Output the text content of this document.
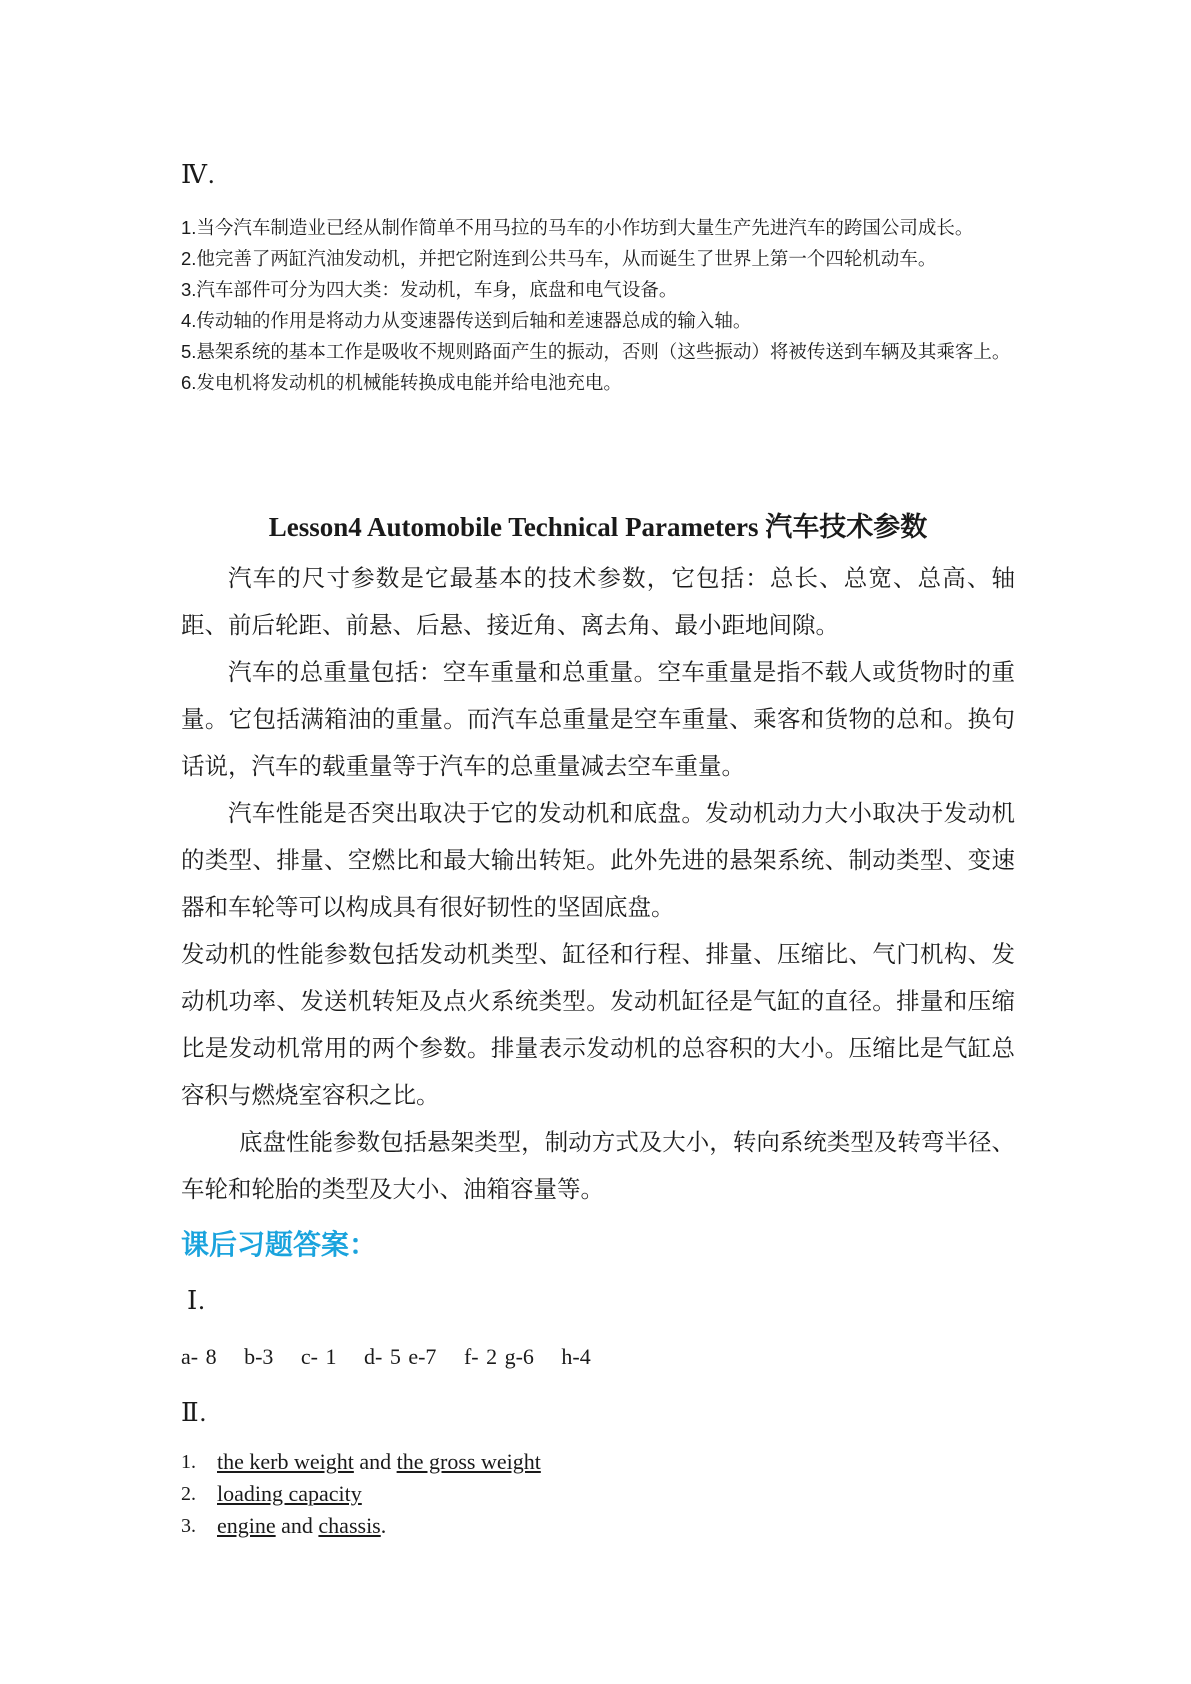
Ⅳ.
1.当今汽车制造业已经从制作简单不用马拉的马车的小作坊到大量生产先进汽车的跨国公司成长。
2.他完善了两缸汽油发动机，并把它附连到公共马车，从而诞生了世界上第一个四轮机动车。
3.汽车部件可分为四大类：发动机，车身，底盘和电气设备。
4.传动轴的作用是将动力从变速器传送到后轴和差速器总成的输入轴。
5.悬架系统的基本工作是吸收不规则路面产生的振动，否则（这些振动）将被传送到车辆及其乘客上。
6.发电机将发动机的机械能转换成电能并给电池充电。
Lesson4 Automobile Technical Parameters 汽车技术参数

汽车的尺寸参数是它最基本的技术参数，它包括：总长、总宽、总高、轴距、前后轮距、前悬、后悬、接近角、离去角、最小距地间隙。

汽车的总重量包括：空车重量和总重量。空车重量是指不载人或货物时的重量。它包括满箱油的重量。而汽车总重量是空车重量、乘客和货物的总和。换句话说，汽车的载重量等于汽车的总重量减去空车重量。

汽车性能是否突出取决于它的发动机和底盘。发动机动力大小取决于发动机的类型、排量、空燃比和最大输出转矩。此外先进的悬架系统、制动类型、变速器和车轮等可以构成具有很好韧性的坚固底盘。

发动机的性能参数包括发动机类型、缸径和行程、排量、压缩比、气门机构、发动机功率、发送机转矩及点火系统类型。发动机缸径是气缸的直径。排量和压缩比是发动机常用的两个参数。排量表示发动机的总容积的大小。压缩比是气缸总容积与燃烧室容积之比。

底盘性能参数包括悬架类型，制动方式及大小，转向系统类型及转弯半径、车轮和轮胎的类型及大小、油箱容量等。

课后习题答案：
Ⅰ.
a- 8 b-3 c- 1 d- 5 e-7 f- 2 g-6 h-4
Ⅱ.
1. the kerb weight and the gross weight
2. loading capacity
3. engine and chassis.
